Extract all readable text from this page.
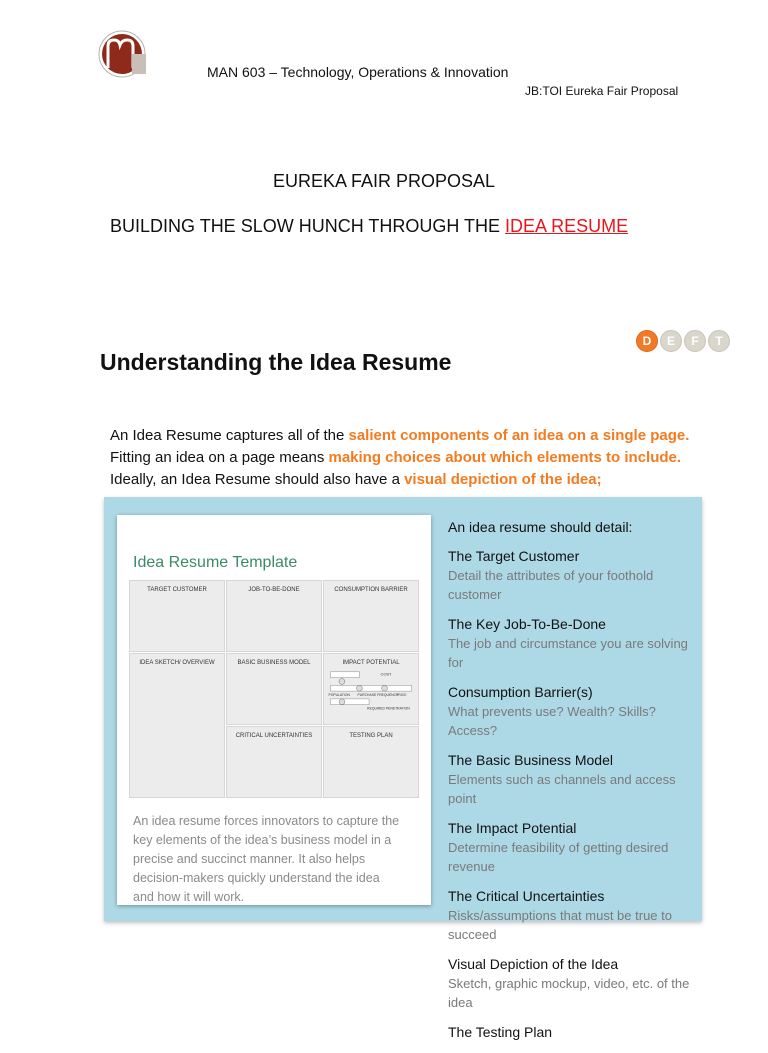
MAN 603 – Technology, Operations & Innovation
JB:TOI Eureka Fair Proposal
EUREKA FAIR PROPOSAL
BUILDING THE SLOW HUNCH THROUGH THE IDEA RESUME
D	E	F	T
Understanding the Idea Resume
An Idea Resume captures all of the salient components of an idea on a single page. Fitting an idea on a page means making choices about which elements to include. Ideally, an Idea Resume should also have a visual depiction of the idea;
Idea Resume Template
TARGET CUSTOMER	JOB-TO-BE-DONE	CONSUMPTION BARRIER
IDEA SKETCH/ OVERVIEW	BASIC BUSINESS MODEL	IMPACT POTENTIAL
COST
POPULATION PURCHASE FREQUENCY
PRICE
REQUIRED PENETRATION
CRITICAL UNCERTAINTIES	TESTING PLAN
An idea resume forces innovators to capture the key elements of the idea’s business model in a precise and succinct manner. It also helps decision-makers quickly understand the idea and how it will work.
An idea resume should detail:
The Target Customer
Detail the attributes of your foothold customer
The Key Job-To-Be-Done
The job and circumstance you are solving for
Consumption Barrier(s)
What prevents use? Wealth? Skills? Access?
The Basic Business Model
Elements such as channels and access point
The Impact Potential
Determine feasibility of getting desired revenue
The Critical Uncertainties
Risks/assumptions that must be true to succeed
Visual Depiction of the Idea
Sketch, graphic mockup, video, etc. of the idea
The Testing Plan
